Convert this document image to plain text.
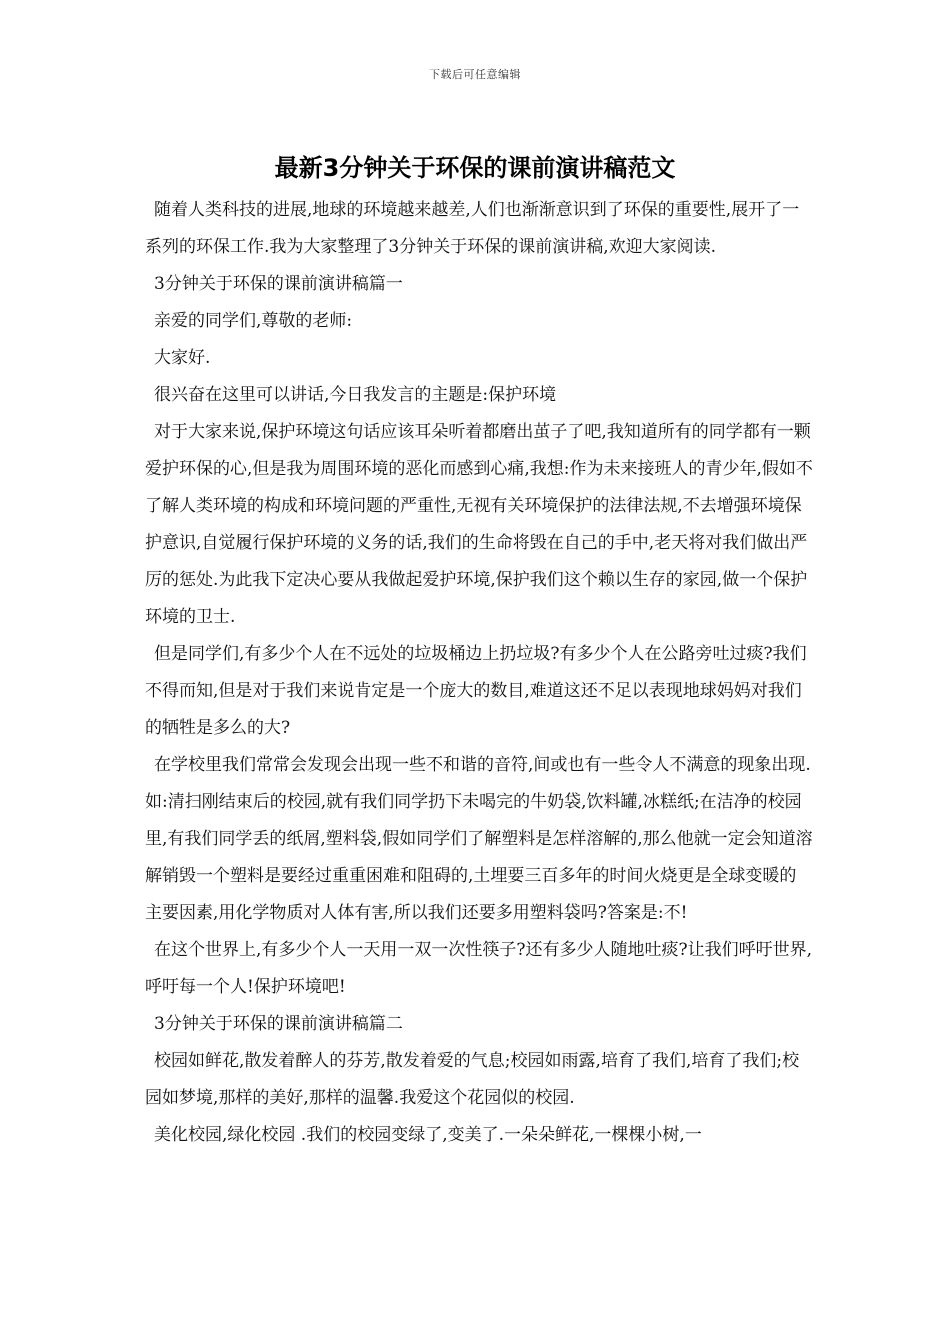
下载后可任意编辑
最新3分钟关于环保的课前演讲稿范文

随着人类科技的进展,地球的环境越来越差,人们也渐渐意识到了环保的重要性,展开了一系列的环保工作.我为大家整理了3分钟关于环保的课前演讲稿,欢迎大家阅读.

3分钟关于环保的课前演讲稿篇一

亲爱的同学们,尊敬的老师:

大家好.

很兴奋在这里可以讲话,今日我发言的主题是:保护环境

对于大家来说,保护环境这句话应该耳朵听着都磨出茧子了吧,我知道所有的同学都有一颗爱护环保的心,但是我为周围环境的恶化而感到心痛,我想:作为未来接班人的青少年,假如不了解人类环境的构成和环境问题的严重性,无视有关环境保护的法律法规,不去增强环境保护意识,自觉履行保护环境的义务的话,我们的生命将毁在自己的手中,老天将对我们做出严厉的惩处.为此我下定决心要从我做起爱护环境,保护我们这个赖以生存的家园,做一个保护环境的卫士.

但是同学们,有多少个人在不远处的垃圾桶边上扔垃圾?有多少个人在公路旁吐过痰?我们不得而知,但是对于我们来说肯定是一个庞大的数目,难道这还不足以表现地球妈妈对我们的牺牲是多么的大?

在学校里我们常常会发现会出现一些不和谐的音符,间或也有一些令人不满意的现象出现.如:清扫刚结束后的校园,就有我们同学扔下未喝完的牛奶袋,饮料罐,冰糕纸;在洁净的校园里,有我们同学丢的纸屑,塑料袋,假如同学们了解塑料是怎样溶解的,那么他就一定会知道溶解销毁一个塑料是要经过重重困难和阻碍的,土埋要三百多年的时间火烧更是全球变暖的主要因素,用化学物质对人体有害,所以我们还要多用塑料袋吗?答案是:不!

在这个世界上,有多少个人一天用一双一次性筷子?还有多少人随地吐痰?让我们呼吁世界,呼吁每一个人!保护环境吧!

3分钟关于环保的课前演讲稿篇二

校园如鲜花,散发着醉人的芬芳,散发着爱的气息;校园如雨露,培育了我们,培育了我们;校园如梦境,那样的美好,那样的温馨.我爱这个花园似的校园.

美化校园,绿化校园 .我们的校园变绿了,变美了.一朵朵鲜花,一棵棵小树,一
